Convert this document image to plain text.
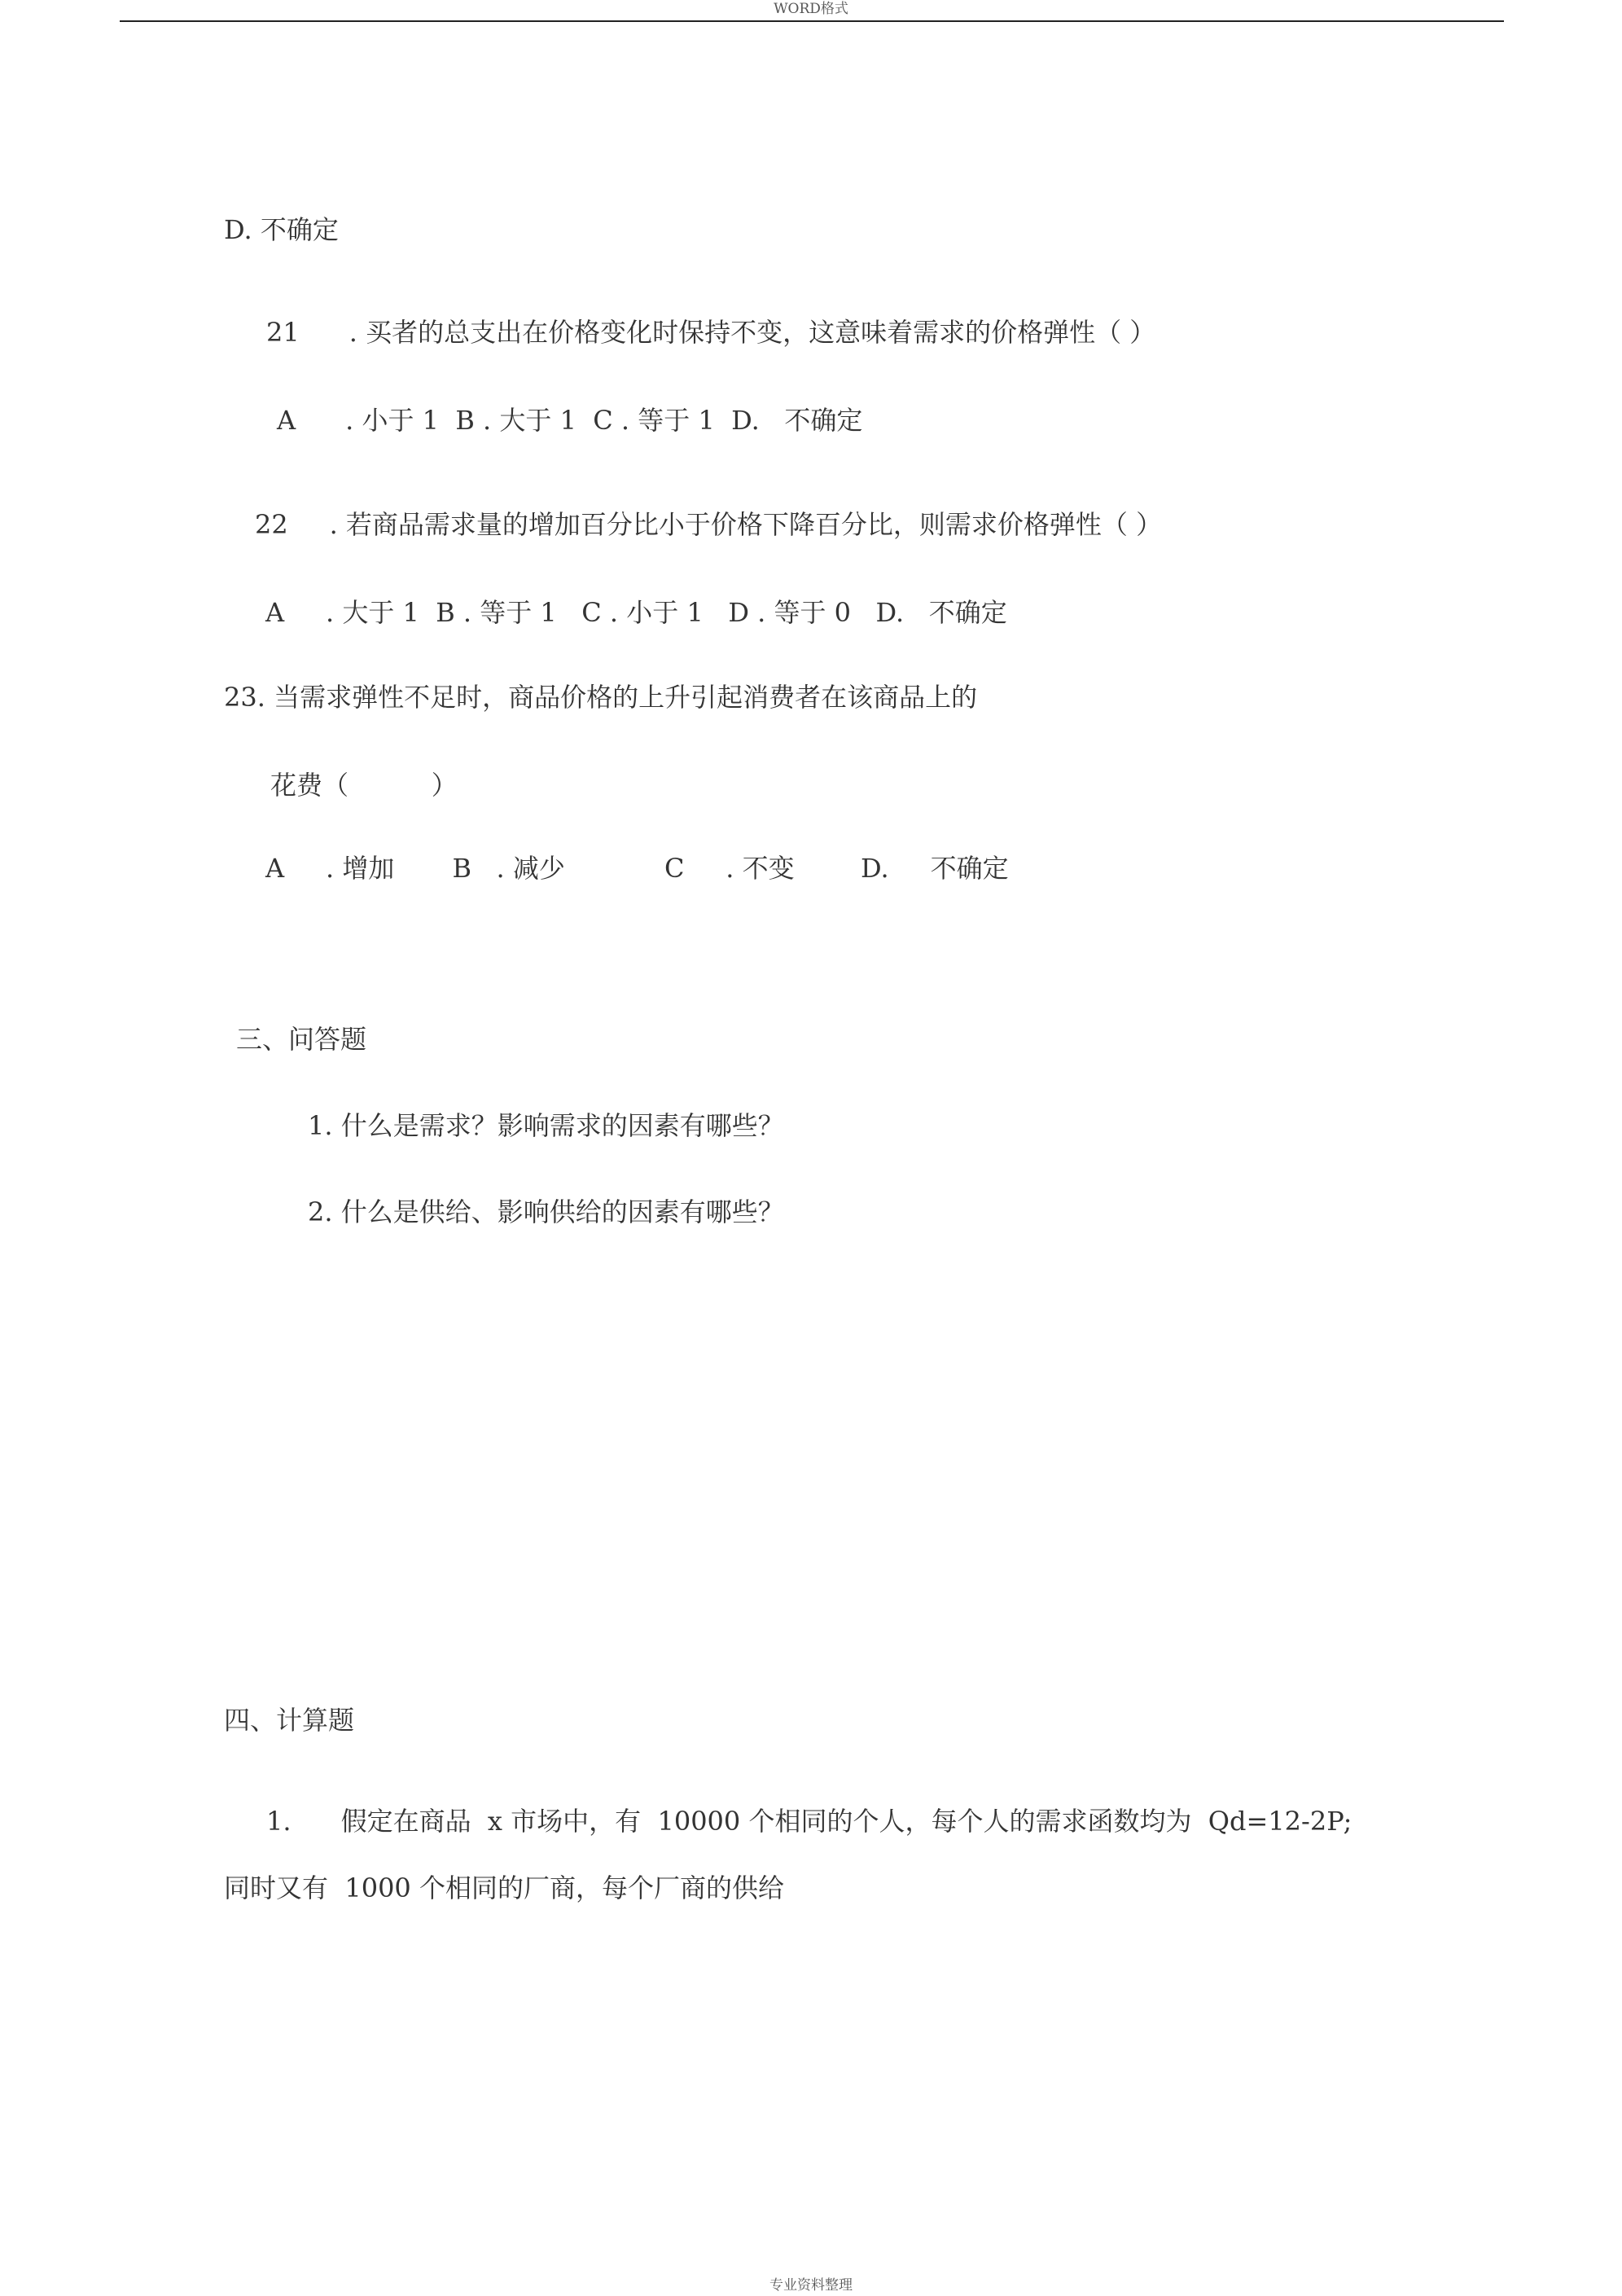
WORD格式
D. 不确定
21      . 买者的总支出在价格变化时保持不变，这意味着需求的价格弹性（ ）
A      . 小于 1  B . 大于 1  C . 等于 1  D.   不确定
22     . 若商品需求量的增加百分比小于价格下降百分比，则需求价格弹性（ ）
A     . 大于 1  B . 等于 1   C . 小于 1   D . 等于 0   D.   不确定
23. 当需求弹性不足时，商品价格的上升引起消费者在该商品上的
花费（          ）
A     . 增加       B   . 减少            C     . 不变        D.     不确定
三、问答题
1. 什么是需求？影响需求的因素有哪些？
2. 什么是供给、影响供给的因素有哪些？
四、计算题
1.      假定在商品  x 市场中，有  10000 个相同的个人，每个人的需求函数均为  Qd=12-2P;
同时又有  1000 个相同的厂商，每个厂商的供给
专业资料整理
